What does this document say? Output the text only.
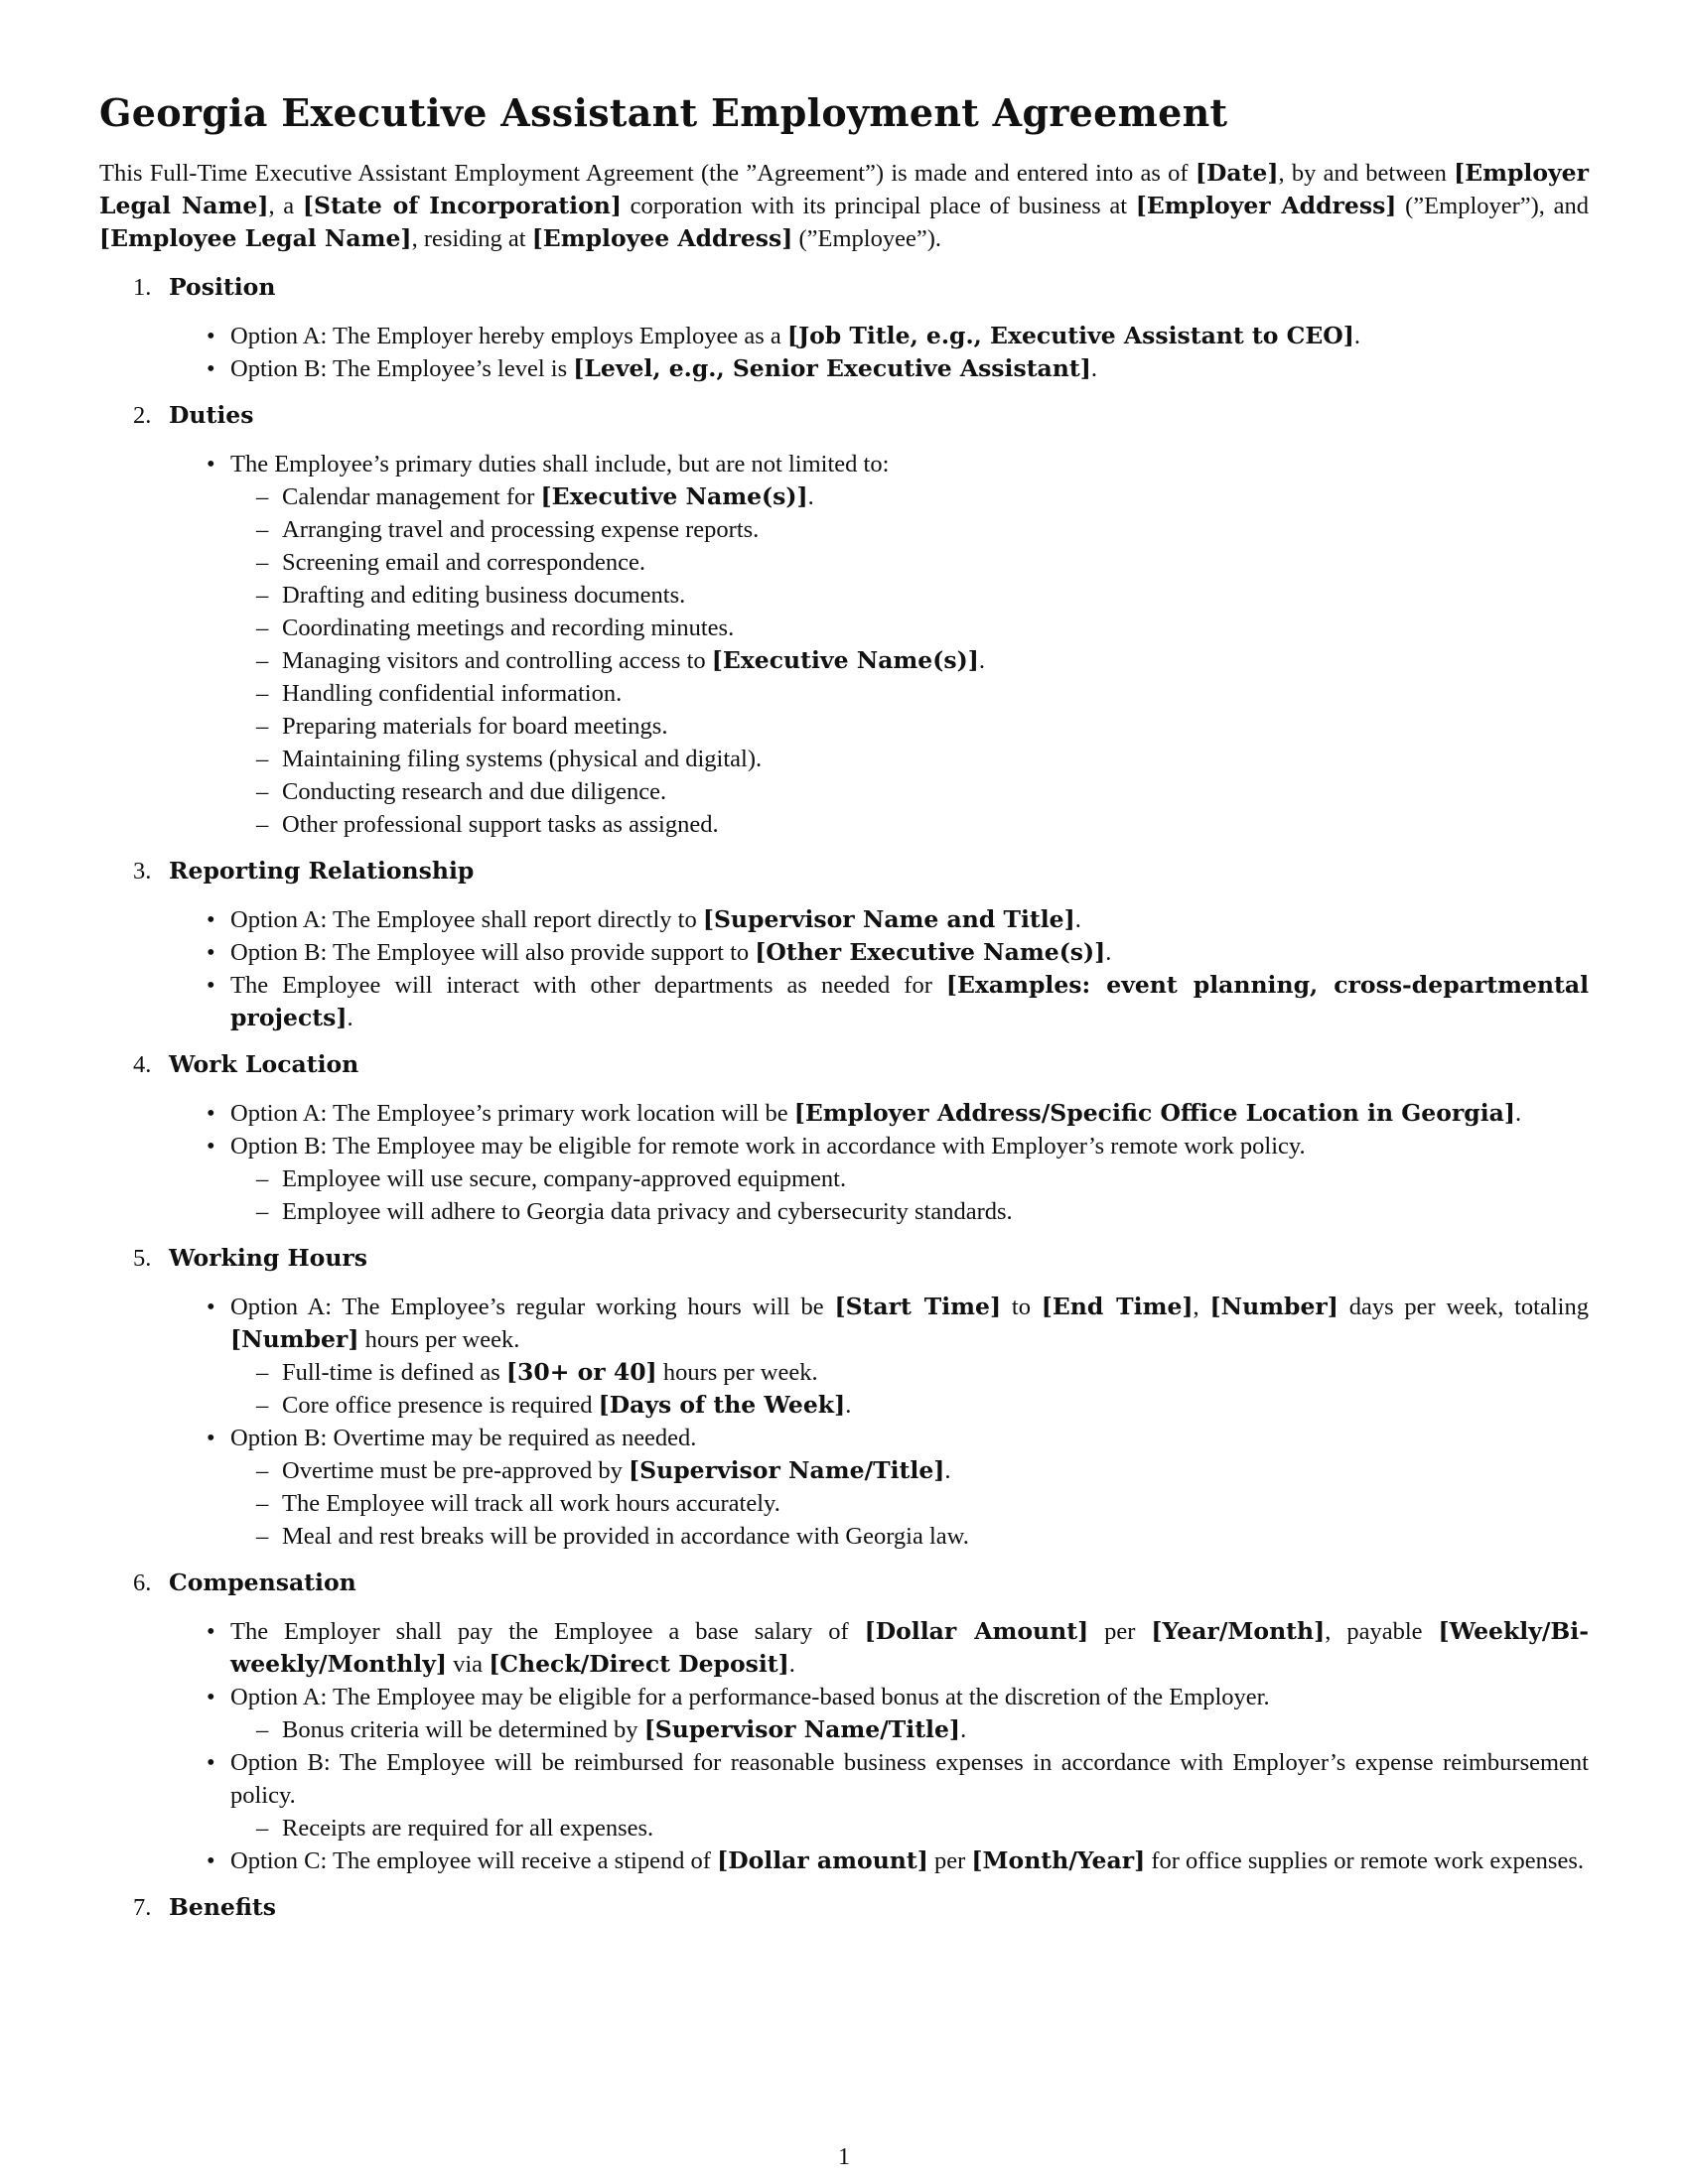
Georgia Executive Assistant Employment Agreement

This Full-Time Executive Assistant Employment Agreement (the ”Agreement”) is made and entered into as of [Date], by and between [Employer Legal Name], a [State of Incorporation] corporation with its principal place of business at [Employer Address] (”Employer”), and [Employee Legal Name], residing at [Employee Address] (”Employee”).

1. Position
• Option A: The Employer hereby employs Employee as a [Job Title, e.g., Executive Assistant to CEO].
• Option B: The Employee’s level is [Level, e.g., Senior Executive Assistant].
2. Duties
• The Employee’s primary duties shall include, but are not limited to:
– Calendar management for [Executive Name(s)].
– Arranging travel and processing expense reports.
– Screening email and correspondence.
– Drafting and editing business documents.
– Coordinating meetings and recording minutes.
– Managing visitors and controlling access to [Executive Name(s)].
– Handling confidential information.
– Preparing materials for board meetings.
– Maintaining filing systems (physical and digital).
– Conducting research and due diligence.
– Other professional support tasks as assigned.
3. Reporting Relationship
• Option A: The Employee shall report directly to [Supervisor Name and Title].
• Option B: The Employee will also provide support to [Other Executive Name(s)].
• The Employee will interact with other departments as needed for [Examples: event planning, cross-departmental projects].
4. Work Location
• Option A: The Employee’s primary work location will be [Employer Address/Specific Office Location in Georgia].
• Option B: The Employee may be eligible for remote work in accordance with Employer’s remote work policy.
– Employee will use secure, company-approved equipment.
– Employee will adhere to Georgia data privacy and cybersecurity standards.
5. Working Hours
• Option A: The Employee’s regular working hours will be [Start Time] to [End Time], [Number] days per week, totaling [Number] hours per week.
– Full-time is defined as [30+ or 40] hours per week.
– Core office presence is required [Days of the Week].
• Option B: Overtime may be required as needed.
– Overtime must be pre-approved by [Supervisor Name/Title].
– The Employee will track all work hours accurately.
– Meal and rest breaks will be provided in accordance with Georgia law.
6. Compensation
• The Employer shall pay the Employee a base salary of [Dollar Amount] per [Year/Month], payable [Weekly/Bi-weekly/Monthly] via [Check/Direct Deposit].
• Option A: The Employee may be eligible for a performance-based bonus at the discretion of the Employer.
– Bonus criteria will be determined by [Supervisor Name/Title].
• Option B: The Employee will be reimbursed for reasonable business expenses in accordance with Employer’s expense reimbursement policy.
– Receipts are required for all expenses.
• Option C: The employee will receive a stipend of [Dollar amount] per [Month/Year] for office supplies or remote work expenses.
7. Benefits
1
